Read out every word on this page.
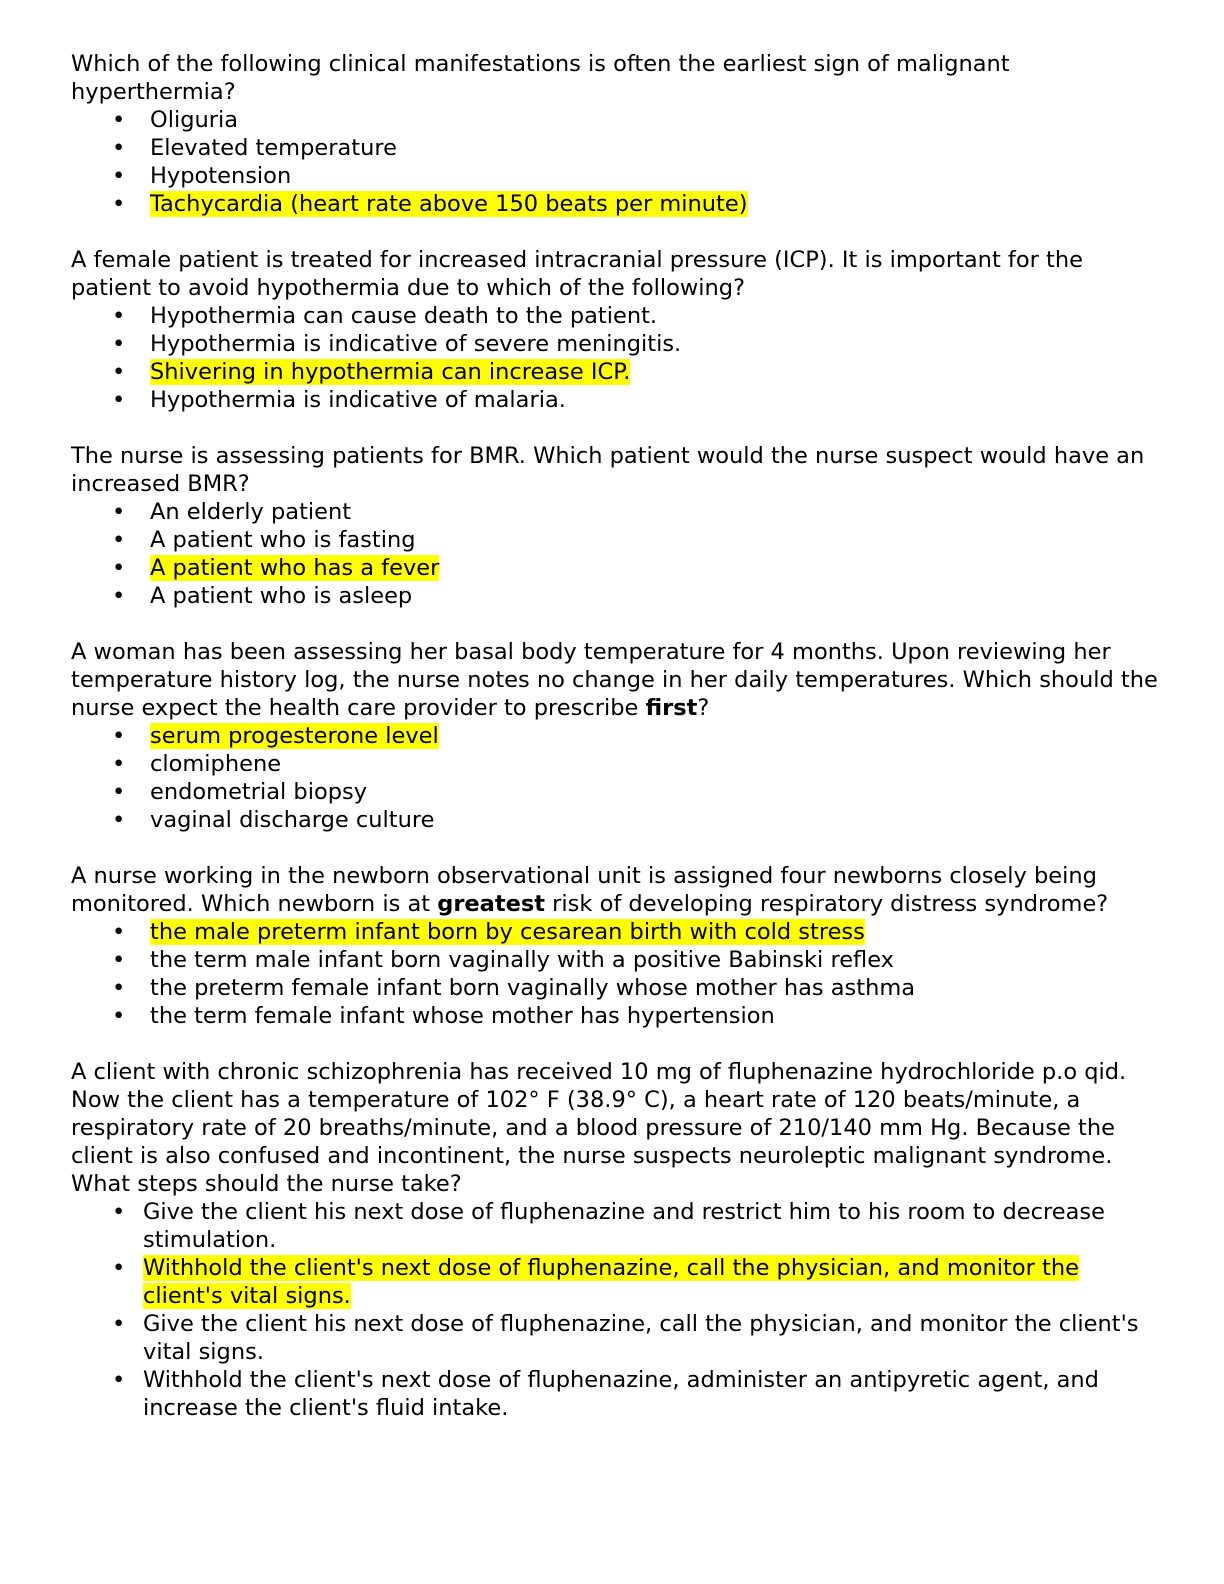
Which of the following clinical manifestations is often the earliest sign of malignant hyperthermia?

• Oliguria
• Elevated temperature
• Hypotension
• Tachycardia (heart rate above 150 beats per minute)

A female patient is treated for increased intracranial pressure (ICP). It is important for the patient to avoid hypothermia due to which of the following?

• Hypothermia can cause death to the patient.
• Hypothermia is indicative of severe meningitis.
• Shivering in hypothermia can increase ICP.
• Hypothermia is indicative of malaria.

The nurse is assessing patients for BMR. Which patient would the nurse suspect would have an increased BMR?

• An elderly patient
• A patient who is fasting
• A patient who has a fever
• A patient who is asleep

A woman has been assessing her basal body temperature for 4 months. Upon reviewing her temperature history log, the nurse notes no change in her daily temperatures. Which should the nurse expect the health care provider to prescribe first?

• serum progesterone level
• clomiphene
• endometrial biopsy
• vaginal discharge culture

A nurse working in the newborn observational unit is assigned four newborns closely being monitored. Which newborn is at greatest risk of developing respiratory distress syndrome?

• the male preterm infant born by cesarean birth with cold stress
• the term male infant born vaginally with a positive Babinski reflex
• the preterm female infant born vaginally whose mother has asthma
• the term female infant whose mother has hypertension

A client with chronic schizophrenia has received 10 mg of fluphenazine hydrochloride p.o qid. Now the client has a temperature of 102° F (38.9° C), a heart rate of 120 beats/minute, a respiratory rate of 20 breaths/minute, and a blood pressure of 210/140 mm Hg. Because the client is also confused and incontinent, the nurse suspects neuroleptic malignant syndrome. What steps should the nurse take?

• Give the client his next dose of fluphenazine and restrict him to his room to decrease stimulation.
• Withhold the client's next dose of fluphenazine, call the physician, and monitor the client's vital signs.
• Give the client his next dose of fluphenazine, call the physician, and monitor the client's vital signs.
• Withhold the client's next dose of fluphenazine, administer an antipyretic agent, and increase the client's fluid intake.
